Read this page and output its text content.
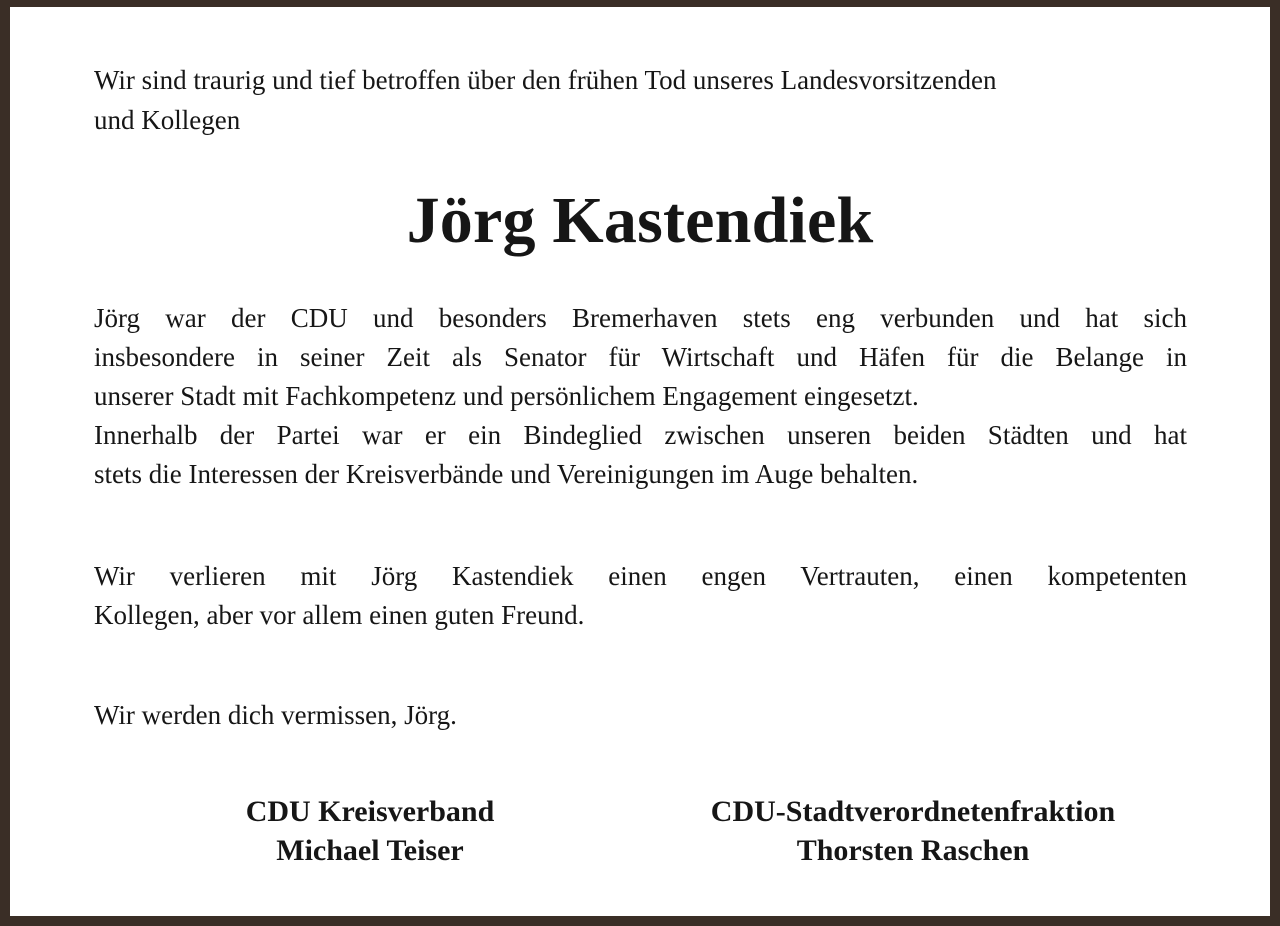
Wir sind traurig und tief betroffen über den frühen Tod unseres Landesvorsitzenden
und Kollegen

Jörg Kastendiek

Jörg war der CDU und besonders Bremerhaven stets eng verbunden und hat sich
insbesondere in seiner Zeit als Senator für Wirtschaft und Häfen für die Belange in
unserer Stadt mit Fachkompetenz und persönlichem Engagement eingesetzt.
Innerhalb der Partei war er ein Bindeglied zwischen unseren beiden Städten und hat
stets die Interessen der Kreisverbände und Vereinigungen im Auge behalten.

Wir verlieren mit Jörg Kastendiek einen engen Vertrauten, einen kompetenten
Kollegen, aber vor allem einen guten Freund.

Wir werden dich vermissen, Jörg.

CDU Kreisverband
Michael Teiser
CDU-Stadtverordnetenfraktion
Thorsten Raschen
